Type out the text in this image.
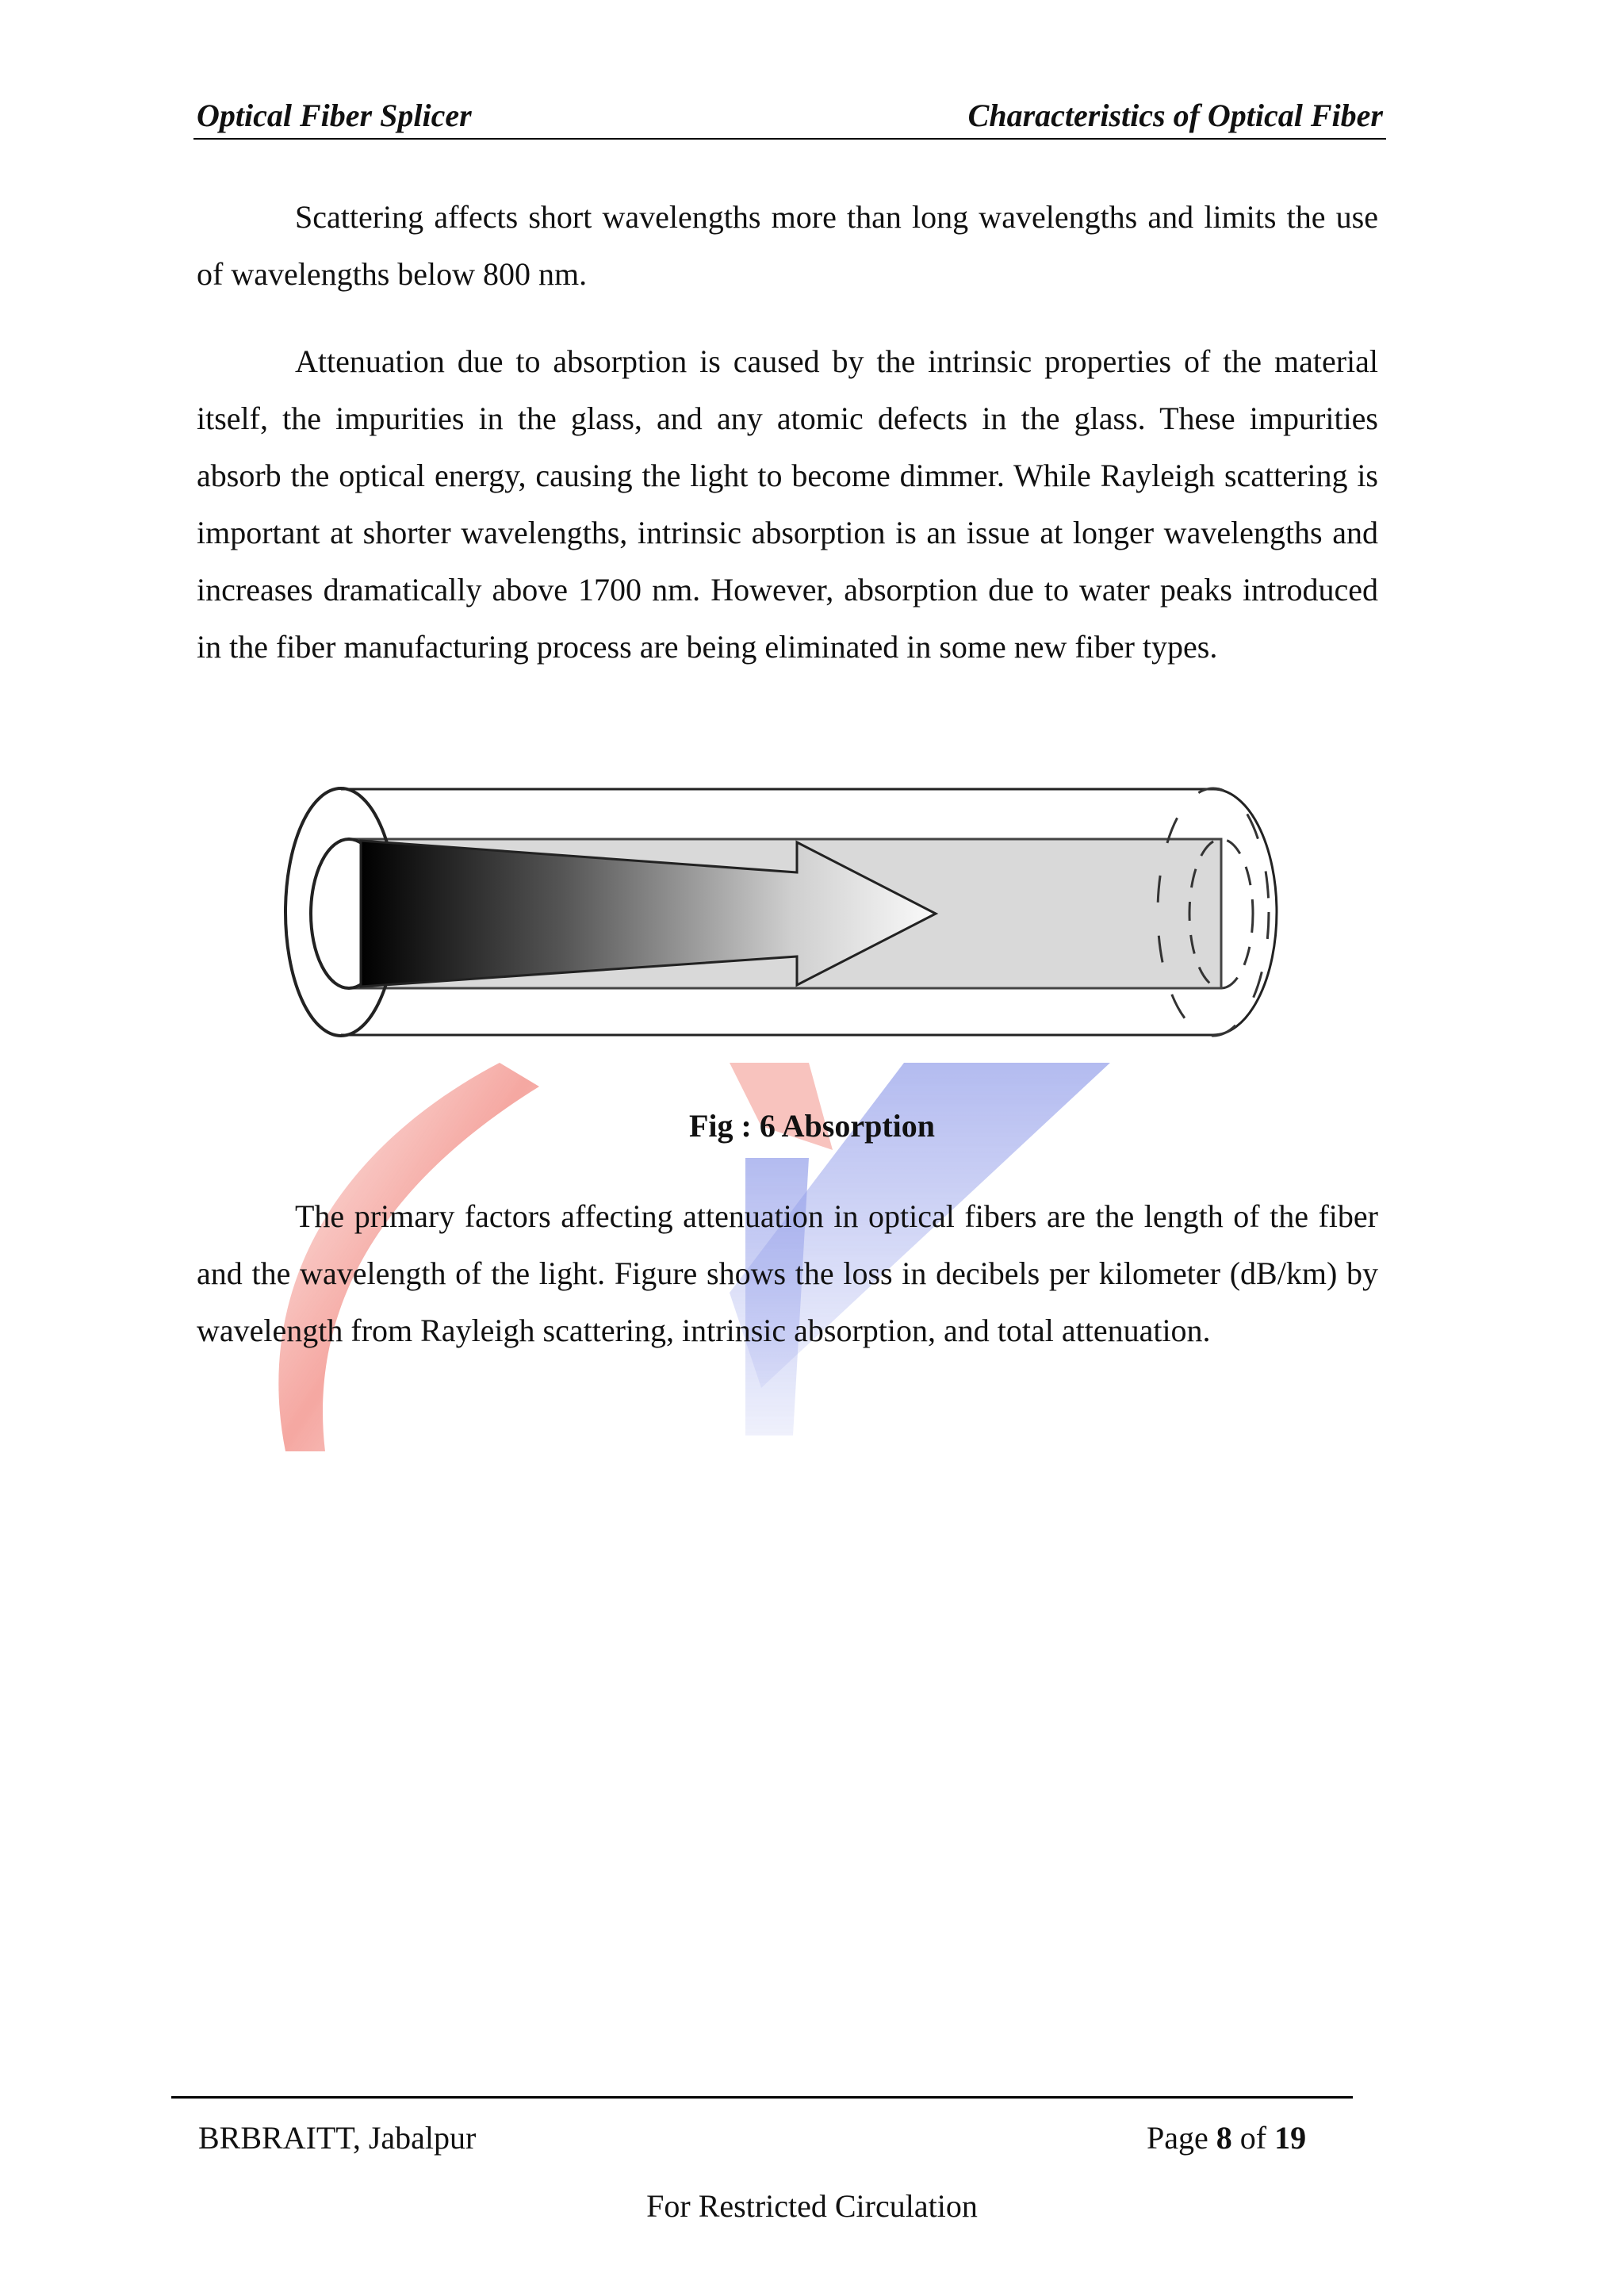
Optical Fiber Splicer	Characteristics of Optical Fiber

Scattering affects short wavelengths more than long wavelengths and limits the use of wavelengths below 800 nm.

Attenuation due to absorption is caused by the intrinsic properties of the material itself, the impurities in the glass, and any atomic defects in the glass. These impurities absorb the optical energy, causing the light to become dimmer. While Rayleigh scattering is important at shorter wavelengths, intrinsic absorption is an issue at longer wavelengths and increases dramatically above 1700 nm. However, absorption due to water peaks introduced in the fiber manufacturing process are being eliminated in some new fiber types.

Fig : 6 Absorption

The primary factors affecting attenuation in optical fibers are the length of the fiber and the wavelength of the light. Figure shows the loss in decibels per kilometer (dB/km) by wavelength from Rayleigh scattering, intrinsic absorption, and total attenuation.

BRBRAITT, Jabalpur	Page 8 of 19
For Restricted Circulation
